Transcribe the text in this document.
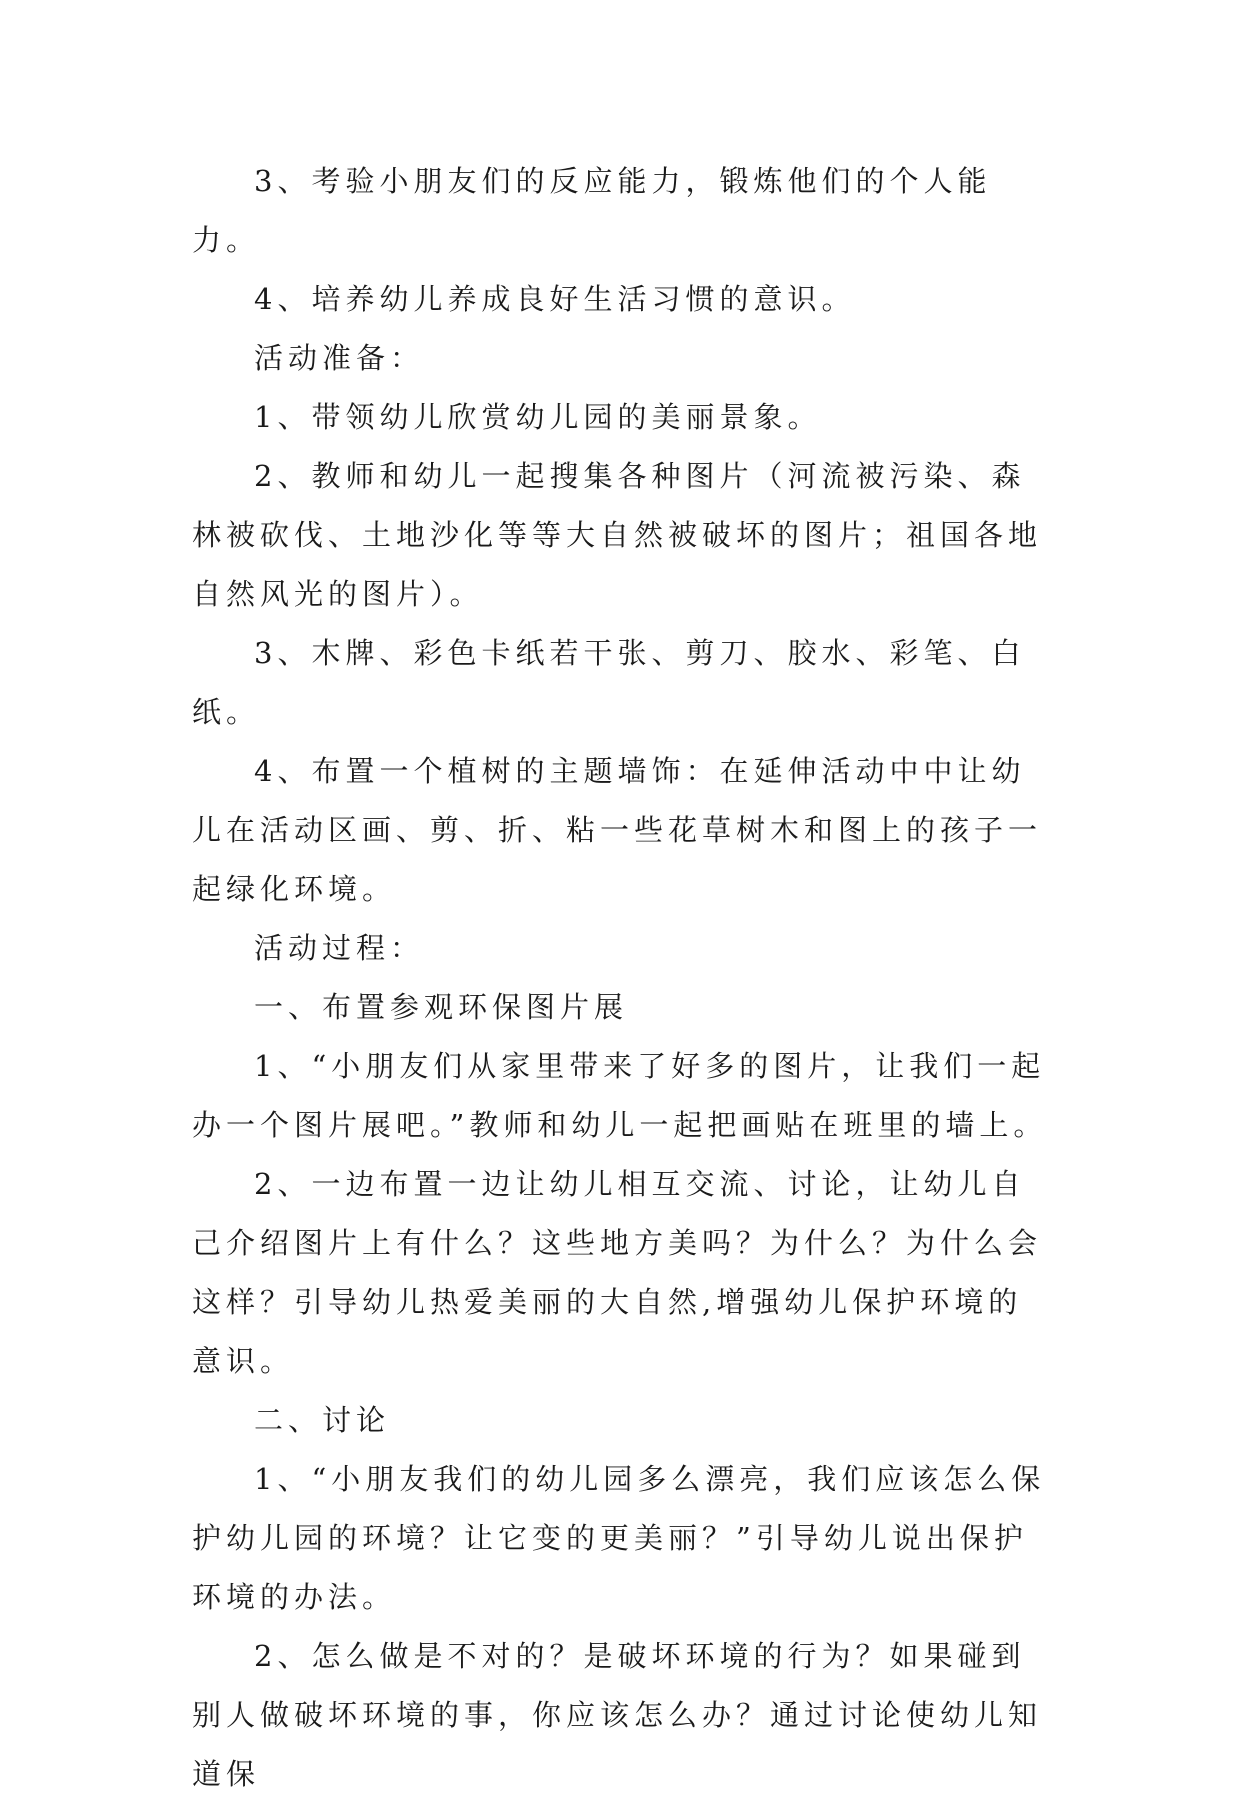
3、考验小朋友们的反应能力，锻炼他们的个人能力。

4、培养幼儿养成良好生活习惯的意识。

活动准备：

1、带领幼儿欣赏幼儿园的美丽景象。

2、教师和幼儿一起搜集各种图片（河流被污染、森林被砍伐、土地沙化等等大自然被破坏的图片；祖国各地自然风光的图片）。

3、木牌、彩色卡纸若干张、剪刀、胶水、彩笔、白纸。

4、布置一个植树的主题墙饰：在延伸活动中中让幼儿在活动区画、剪、折、粘一些花草树木和图上的孩子一起绿化环境。

活动过程：

一、布置参观环保图片展

1、“小朋友们从家里带来了好多的图片，让我们一起办一个图片展吧。”教师和幼儿一起把画贴在班里的墙上。

2、一边布置一边让幼儿相互交流、讨论，让幼儿自己介绍图片上有什么？这些地方美吗？为什么？为什么会这样？引导幼儿热爱美丽的大自然,增强幼儿保护环境的意识。

二、讨论

1、“小朋友我们的幼儿园多么漂亮，我们应该怎么保护幼儿园的环境？让它变的更美丽？”引导幼儿说出保护环境的办法。

2、怎么做是不对的？是破坏环境的行为？如果碰到别人做破坏环境的事，你应该怎么办？通过讨论使幼儿知道保
